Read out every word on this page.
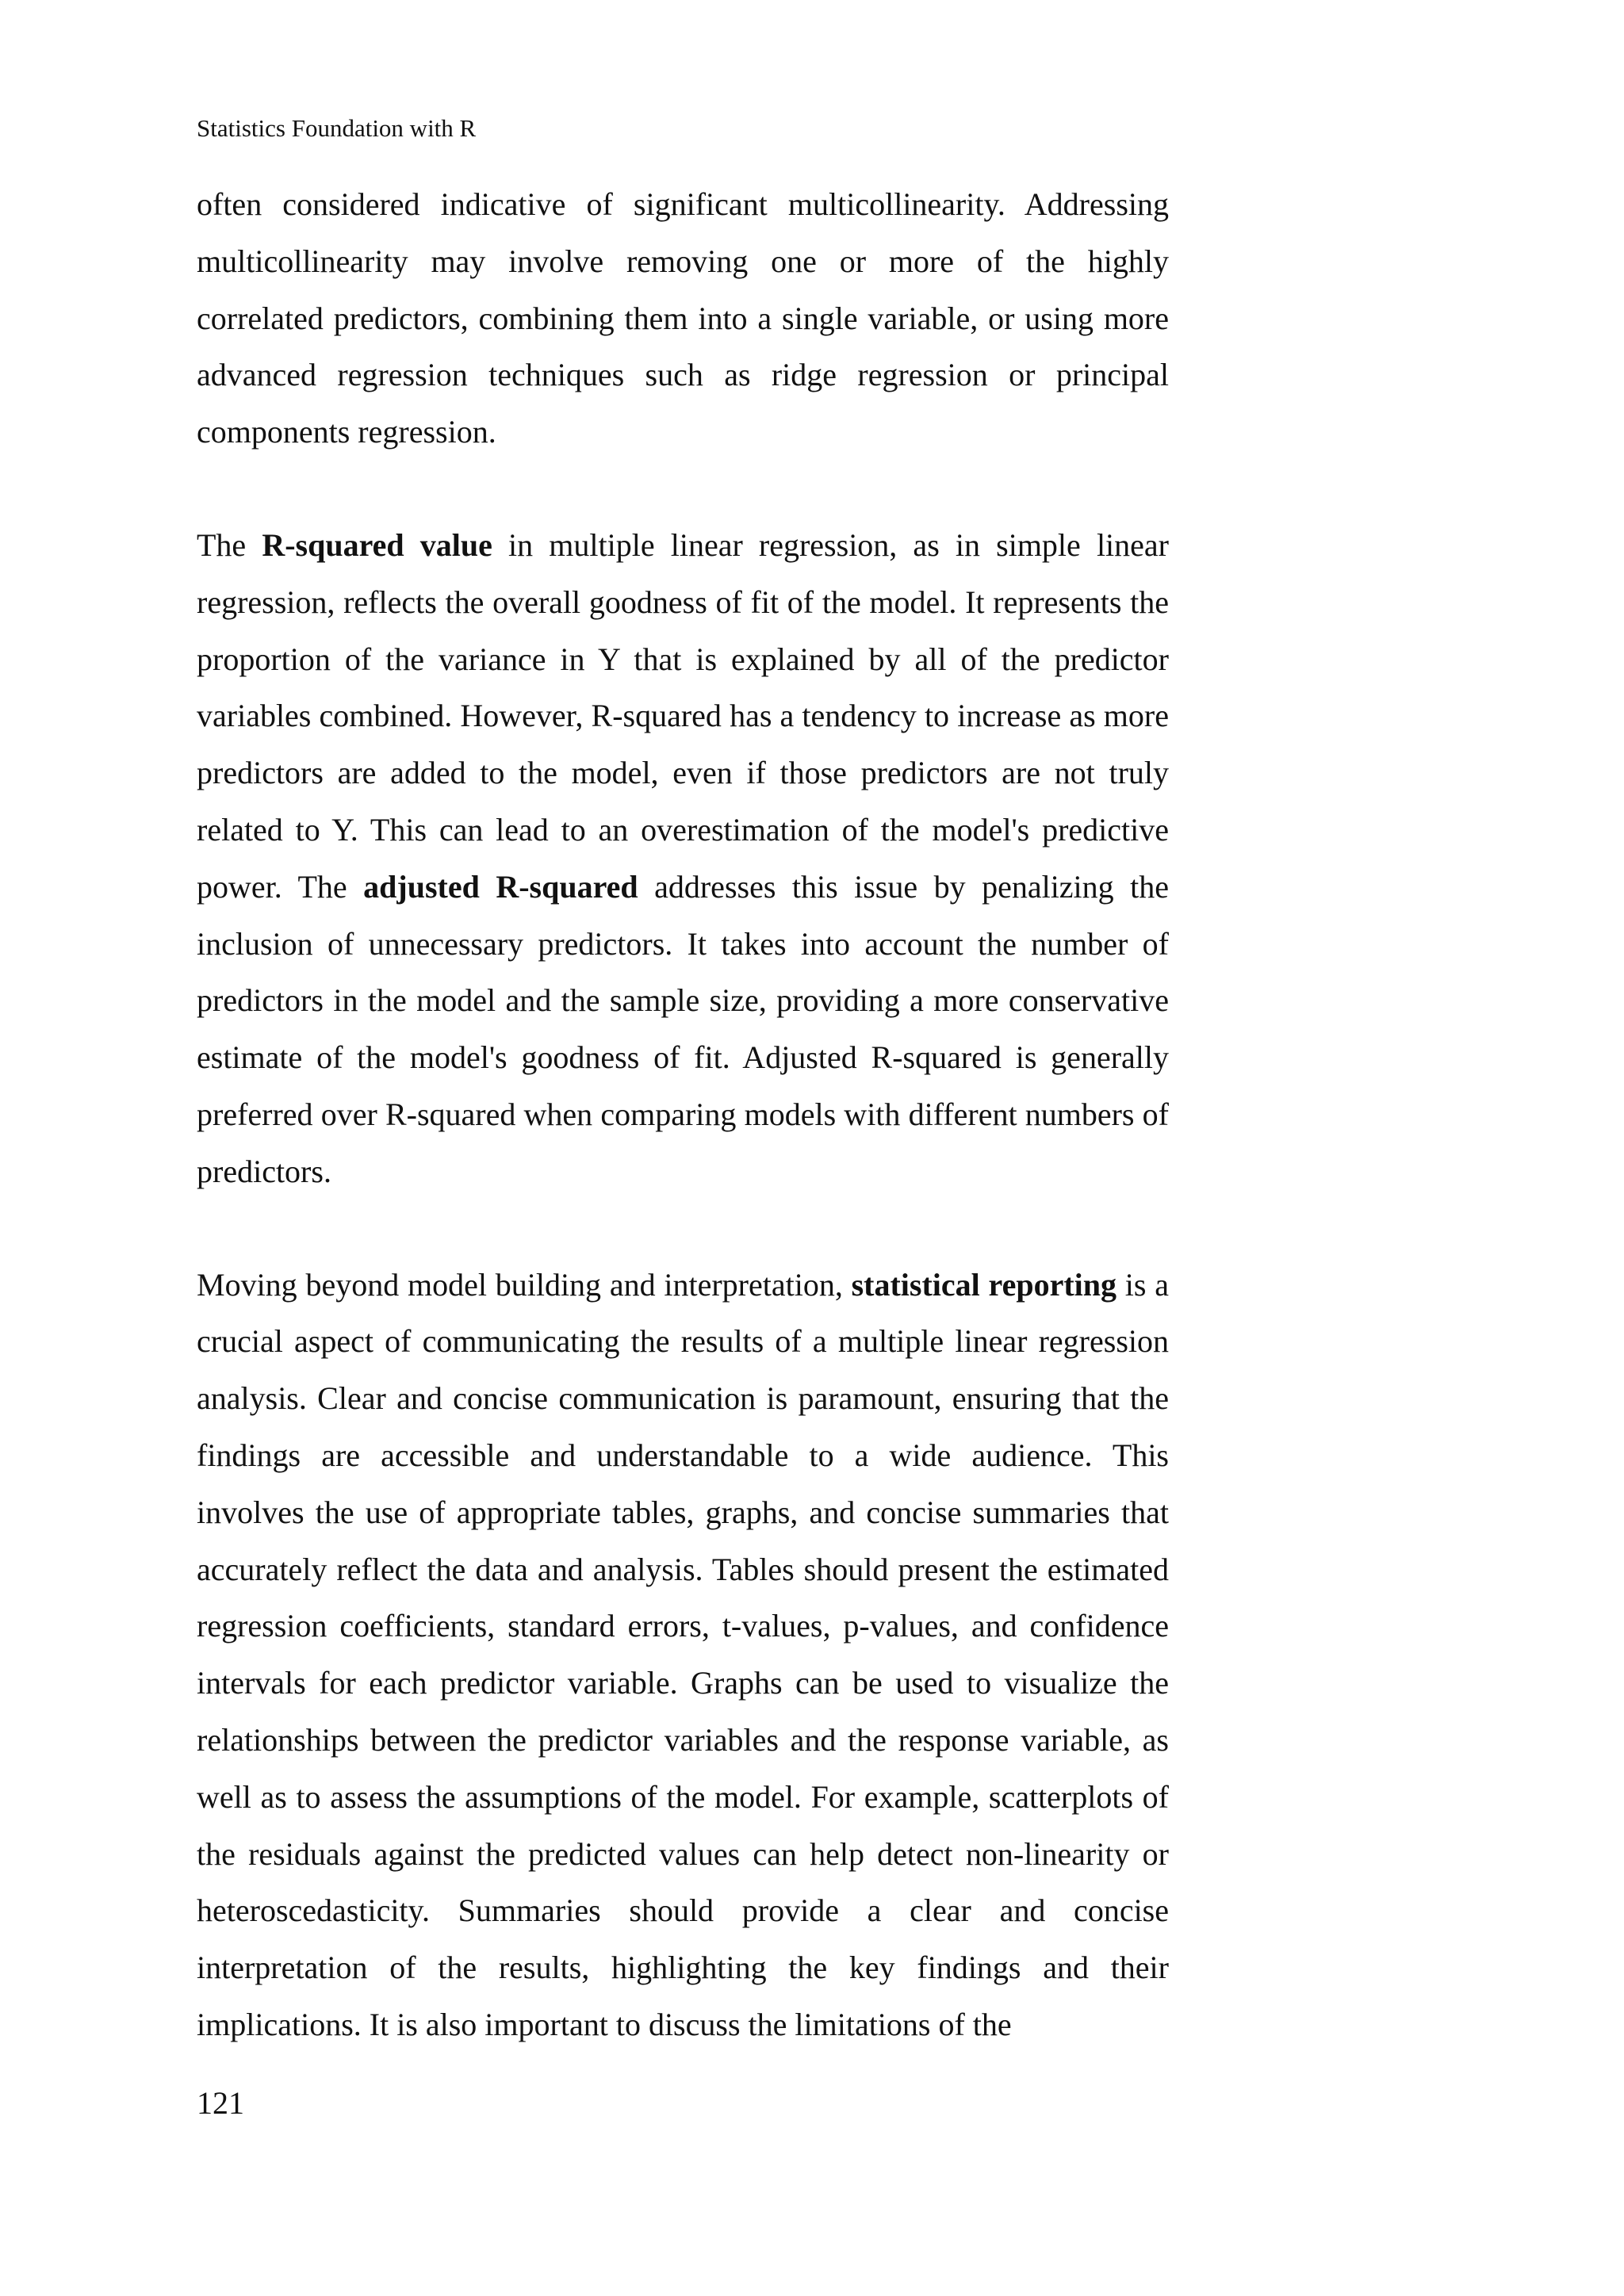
Statistics Foundation with R

often considered indicative of significant multicollinearity. Addressing multicollinearity may involve removing one or more of the highly correlated predictors, combining them into a single variable, or using more advanced regression techniques such as ridge regression or principal components regression.

The R-squared value in multiple linear regression, as in simple linear regression, reflects the overall goodness of fit of the model. It represents the proportion of the variance in Y that is explained by all of the predictor variables combined. However, R-squared has a tendency to increase as more predictors are added to the model, even if those predictors are not truly related to Y. This can lead to an overestimation of the model's predictive power. The adjusted R-squared addresses this issue by penalizing the inclusion of unnecessary predictors. It takes into account the number of predictors in the model and the sample size, providing a more conservative estimate of the model's goodness of fit. Adjusted R-squared is generally preferred over R-squared when comparing models with different numbers of predictors.

Moving beyond model building and interpretation, statistical reporting is a crucial aspect of communicating the results of a multiple linear regression analysis. Clear and concise communication is paramount, ensuring that the findings are accessible and understandable to a wide audience. This involves the use of appropriate tables, graphs, and concise summaries that accurately reflect the data and analysis. Tables should present the estimated regression coefficients, standard errors, t-values, p-values, and confidence intervals for each predictor variable. Graphs can be used to visualize the relationships between the predictor variables and the response variable, as well as to assess the assumptions of the model. For example, scatterplots of the residuals against the predicted values can help detect non-linearity or heteroscedasticity. Summaries should provide a clear and concise interpretation of the results, highlighting the key findings and their implications. It is also important to discuss the limitations of the

121
